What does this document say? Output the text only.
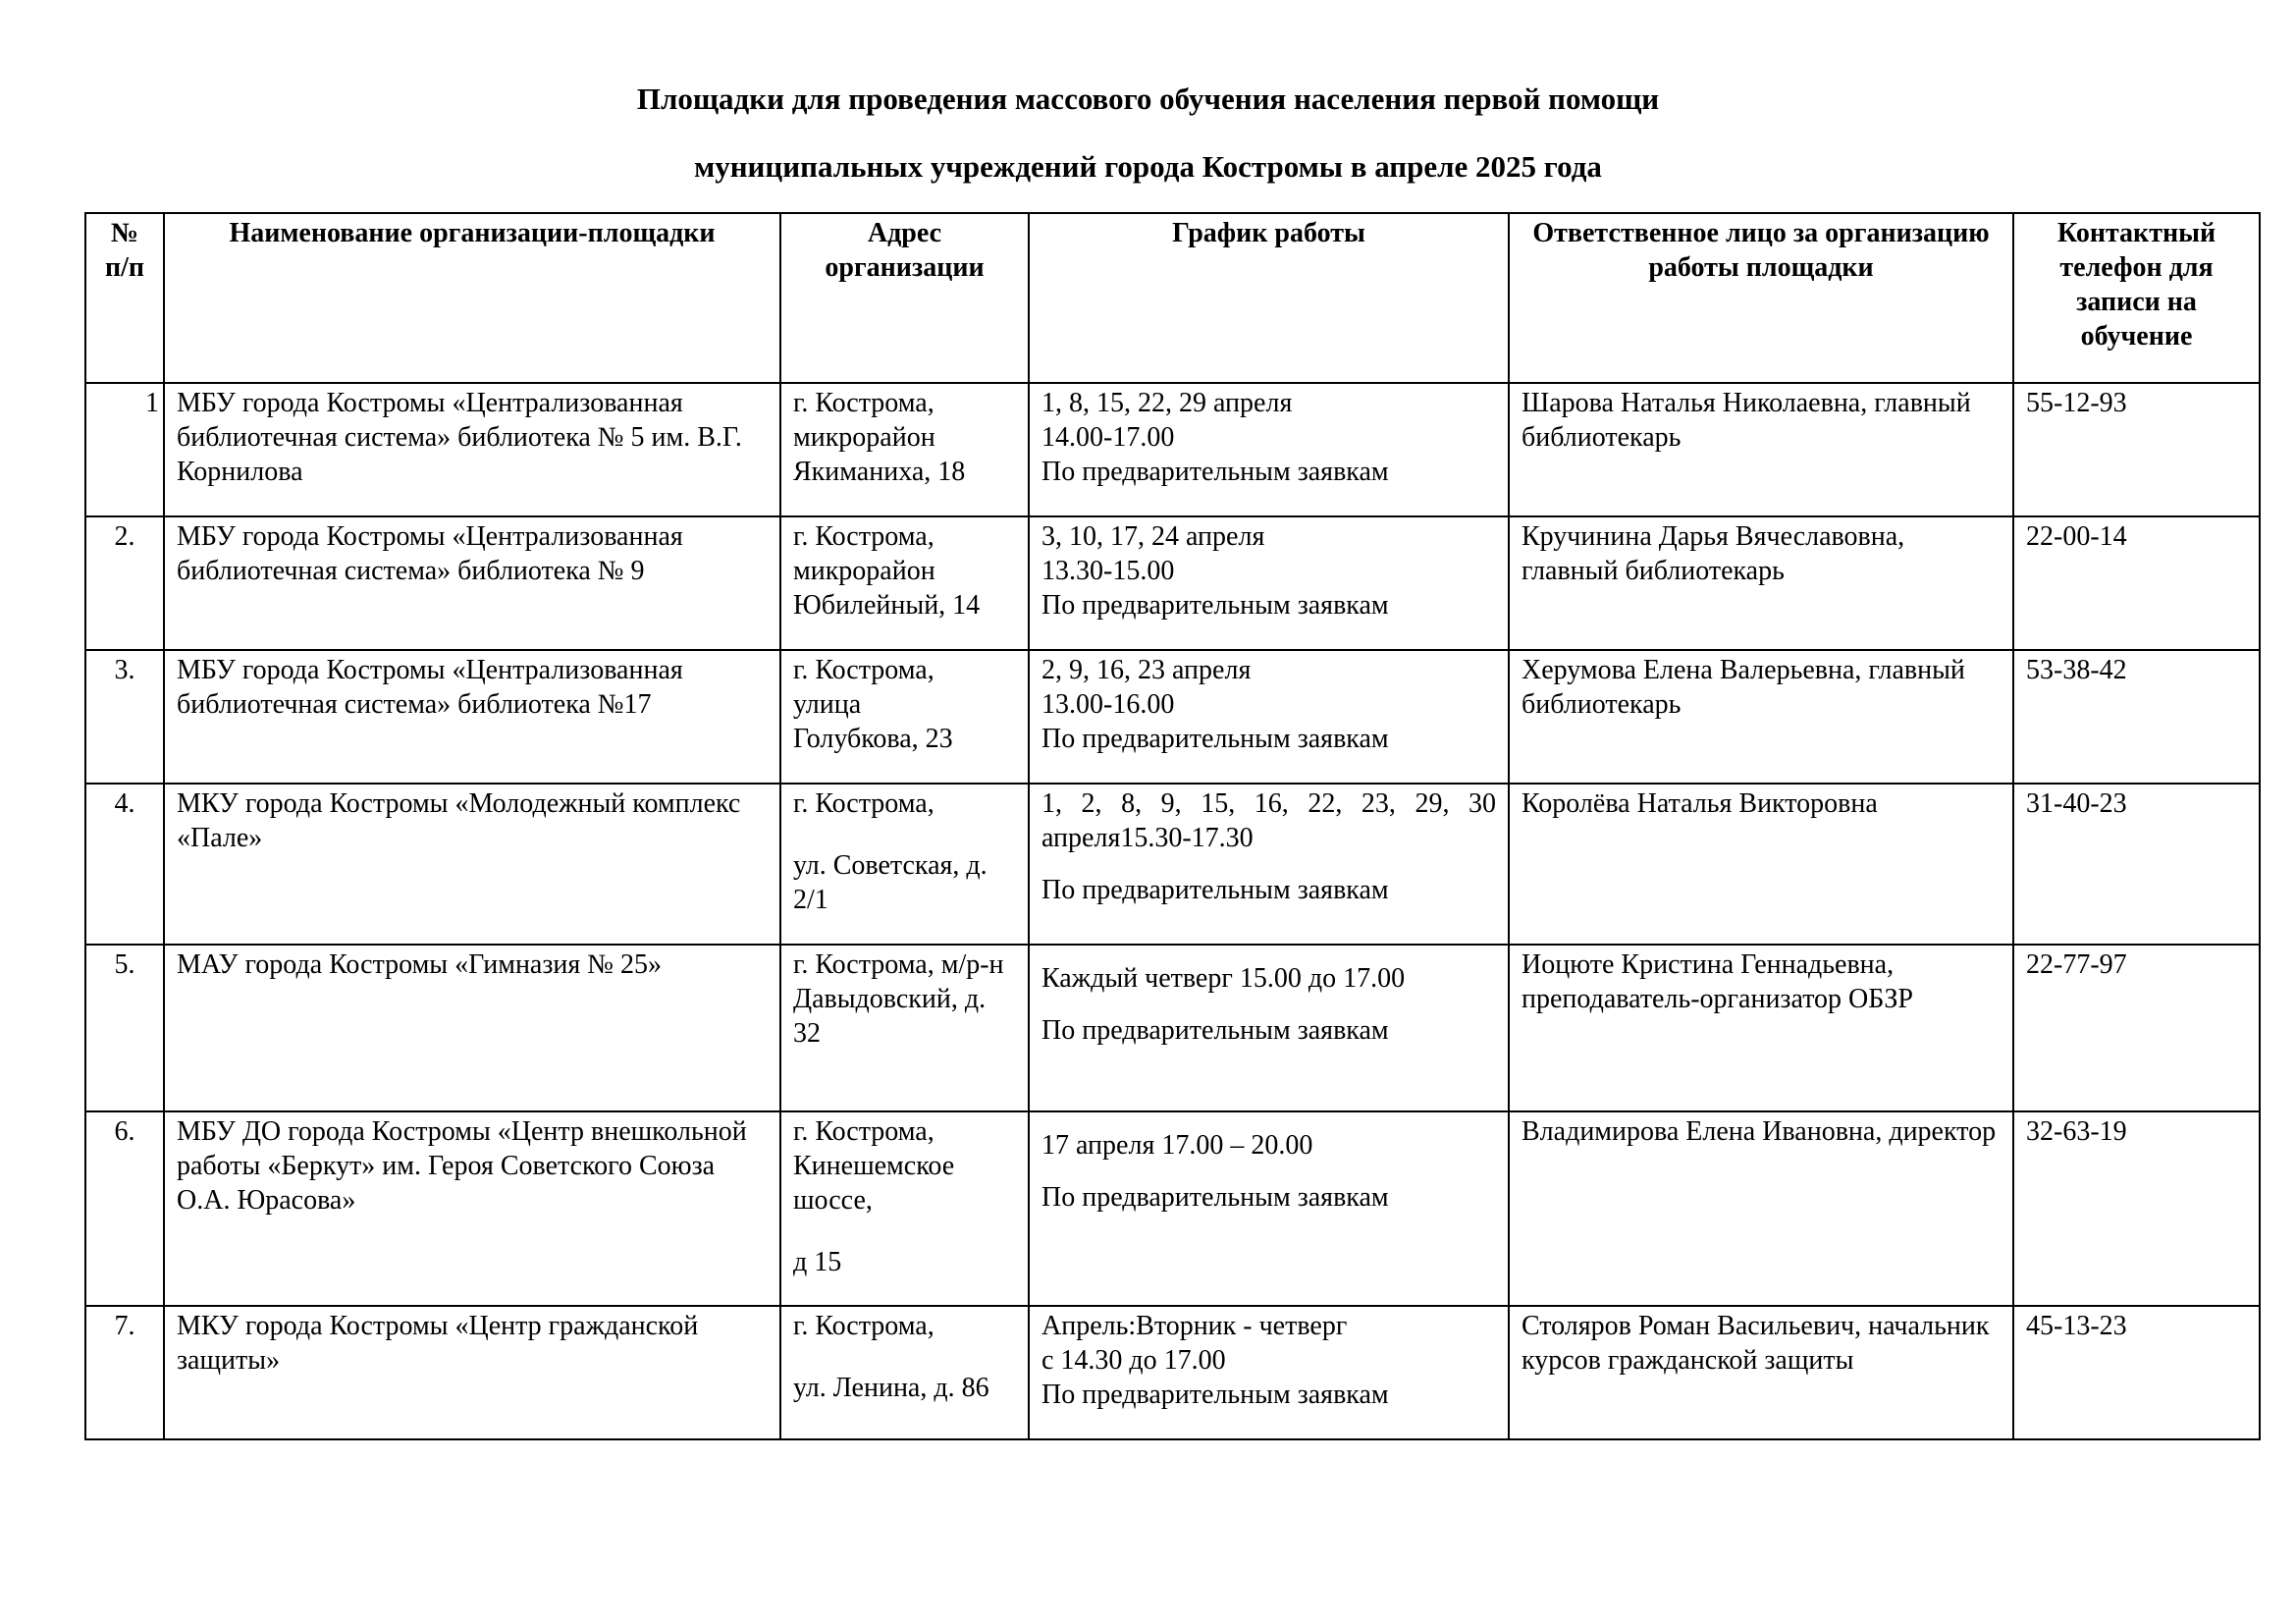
Площадки для проведения массового обучения населения первой помощи
муниципальных учреждений города Костромы в апреле 2025 года
№ п/п	Наименование организации-площадки	Адрес организации	График работы	Ответственное лицо за организацию работы площадки	Контактный телефон для записи на обучение
1	МБУ города Костромы «Централизованная библиотечная система» библиотека № 5 им. В.Г. Корнилова	г. Кострома,
микрорайон
Якиманиха, 18	1, 8, 15, 22, 29 апреля
14.00-17.00
По предварительным заявкам	Шарова Наталья Николаевна, главный библиотекарь	55-12-93
2.	МБУ города Костромы «Централизованная библиотечная система» библиотека № 9	г. Кострома,
микрорайон
Юбилейный, 14	3, 10, 17, 24 апреля
13.30-15.00
По предварительным заявкам	Кручинина Дарья Вячеславовна, главный библиотекарь	22-00-14
3.	МБУ города Костромы «Централизованная библиотечная система» библиотека №17	г. Кострома,
улица
Голубкова, 23	2, 9, 16, 23 апреля
13.00-16.00
По предварительным заявкам	Херумова Елена Валерьевна, главный библиотекарь	53-38-42
4.	МКУ города Костромы «Молодежный комплекс «Пале»	г. Кострома,
ул. Советская, д. 2/1	1, 2, 8, 9, 15, 16, 22, 23, 29, 30 апреля15.30-17.30
По предварительным заявкам	Королёва Наталья Викторовна	31-40-23
5.	МАУ города Костромы «Гимназия № 25»	г. Кострома, м/р-н Давыдовский, д. 32	Каждый четверг 15.00 до 17.00
По предварительным заявкам	Иоцюте Кристина Геннадьевна, преподаватель-организатор ОБЗР	22-77-97
6.	МБУ ДО города Костромы «Центр внешкольной работы «Беркут» им. Героя Советского Союза О.А. Юрасова»	г. Кострома, Кинешемское шоссе,
д 15	17 апреля 17.00 – 20.00
По предварительным заявкам	Владимирова Елена Ивановна, директор	32-63-19
7.	МКУ города Костромы «Центр гражданской защиты»	г. Кострома,
ул. Ленина, д. 86	Апрель:Вторник - четверг
с 14.30 до 17.00
По предварительным заявкам	Столяров Роман Васильевич, начальник курсов гражданской защиты	45-13-23
